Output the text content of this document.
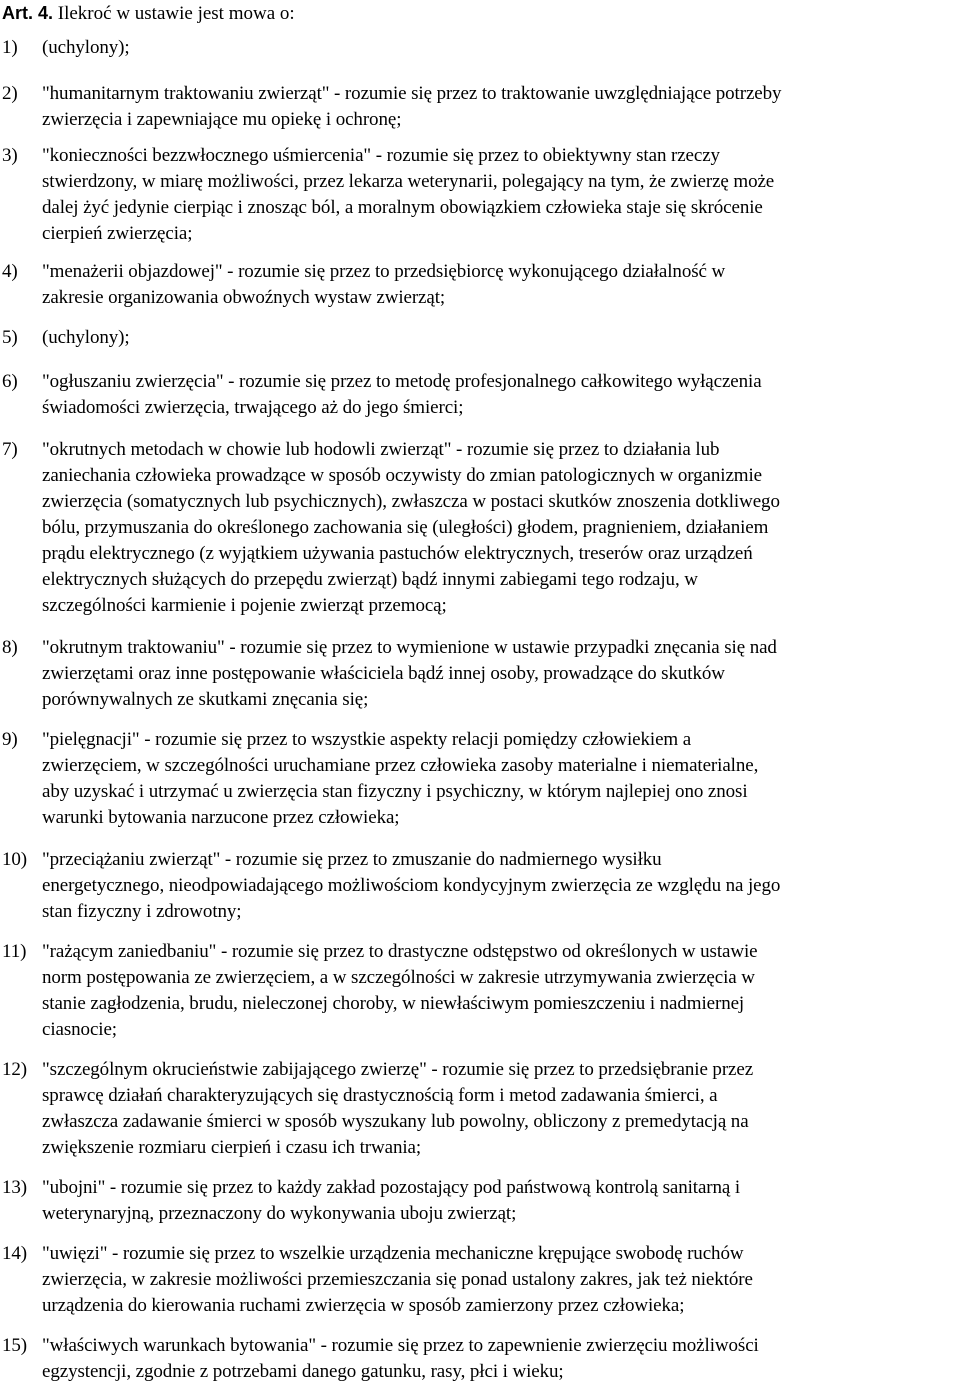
Art. 4. Ilekroć w ustawie jest mowa o:

1) (uchylony);
2) "humanitarnym traktowaniu zwierząt" - rozumie się przez to traktowanie uwzględniające potrzeby
zwierzęcia i zapewniające mu opiekę i ochronę;
3) "konieczności bezzwłocznego uśmiercenia" - rozumie się przez to obiektywny stan rzeczy
stwierdzony, w miarę możliwości, przez lekarza weterynarii, polegający na tym, że zwierzę może
dalej żyć jedynie cierpiąc i znosząc ból, a moralnym obowiązkiem człowieka staje się skrócenie
cierpień zwierzęcia;
4) "menażerii objazdowej" - rozumie się przez to przedsiębiorcę wykonującego działalność w
zakresie organizowania obwoźnych wystaw zwierząt;
5) (uchylony);
6) "ogłuszaniu zwierzęcia" - rozumie się przez to metodę profesjonalnego całkowitego wyłączenia
świadomości zwierzęcia, trwającego aż do jego śmierci;
7) "okrutnych metodach w chowie lub hodowli zwierząt" - rozumie się przez to działania lub
zaniechania człowieka prowadzące w sposób oczywisty do zmian patologicznych w organizmie
zwierzęcia (somatycznych lub psychicznych), zwłaszcza w postaci skutków znoszenia dotkliwego
bólu, przymuszania do określonego zachowania się (uległości) głodem, pragnieniem, działaniem
prądu elektrycznego (z wyjątkiem używania pastuchów elektrycznych, treserów oraz urządzeń
elektrycznych służących do przepędu zwierząt) bądź innymi zabiegami tego rodzaju, w
szczególności karmienie i pojenie zwierząt przemocą;
8) "okrutnym traktowaniu" - rozumie się przez to wymienione w ustawie przypadki znęcania się nad
zwierzętami oraz inne postępowanie właściciela bądź innej osoby, prowadzące do skutków
porównywalnych ze skutkami znęcania się;
9) "pielęgnacji" - rozumie się przez to wszystkie aspekty relacji pomiędzy człowiekiem a
zwierzęciem, w szczególności uruchamiane przez człowieka zasoby materialne i niematerialne,
aby uzyskać i utrzymać u zwierzęcia stan fizyczny i psychiczny, w którym najlepiej ono znosi
warunki bytowania narzucone przez człowieka;
10) "przeciążaniu zwierząt" - rozumie się przez to zmuszanie do nadmiernego wysiłku
energetycznego, nieodpowiadającego możliwościom kondycyjnym zwierzęcia ze względu na jego
stan fizyczny i zdrowotny;
11) "rażącym zaniedbaniu" - rozumie się przez to drastyczne odstępstwo od określonych w ustawie
norm postępowania ze zwierzęciem, a w szczególności w zakresie utrzymywania zwierzęcia w
stanie zagłodzenia, brudu, nieleczonej choroby, w niewłaściwym pomieszczeniu i nadmiernej
ciasnocie;
12) "szczególnym okrucieństwie zabijającego zwierzę" - rozumie się przez to przedsiębranie przez
sprawcę działań charakteryzujących się drastycznością form i metod zadawania śmierci, a
zwłaszcza zadawanie śmierci w sposób wyszukany lub powolny, obliczony z premedytacją na
zwiększenie rozmiaru cierpień i czasu ich trwania;
13) "ubojni" - rozumie się przez to każdy zakład pozostający pod państwową kontrolą sanitarną i
weterynaryjną, przeznaczony do wykonywania uboju zwierząt;
14) "uwięzi" - rozumie się przez to wszelkie urządzenia mechaniczne krępujące swobodę ruchów
zwierzęcia, w zakresie możliwości przemieszczania się ponad ustalony zakres, jak też niektóre
urządzenia do kierowania ruchami zwierzęcia w sposób zamierzony przez człowieka;
15) "właściwych warunkach bytowania" - rozumie się przez to zapewnienie zwierzęciu możliwości
egzystencji, zgodnie z potrzebami danego gatunku, rasy, płci i wieku;
